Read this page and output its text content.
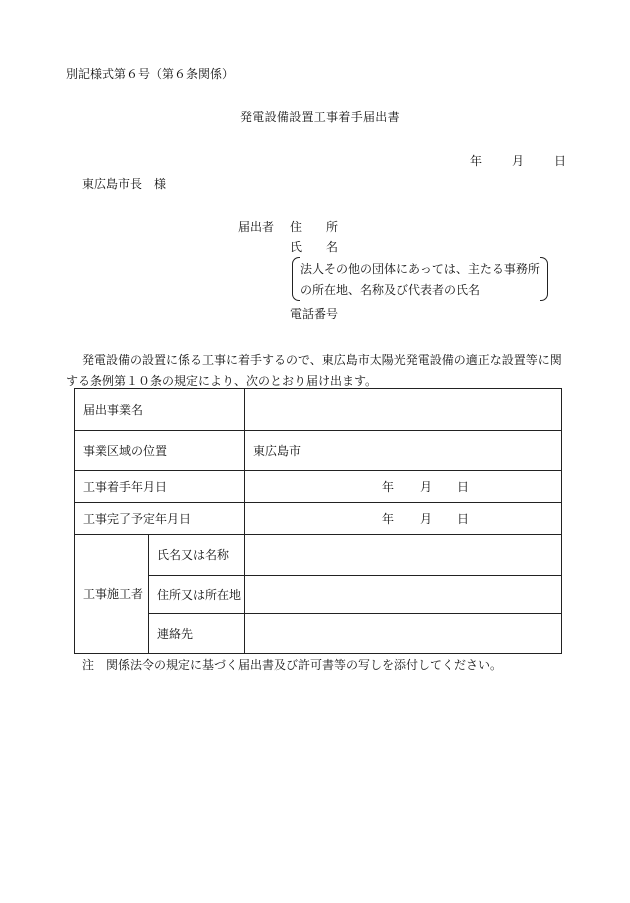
別記様式第６号（第６条関係）
発電設備設置工事着手届出書
年	月	日
東広島市長　様
届出者 住　　所
氏　　名
法人その他の団体にあっては、主たる事務所
の所在地、名称及び代表者の氏名
電話番号

発電設備の設置に係る工事に着手するので、東広島市太陽光発電設備の適正な設置等に関する条例第１０条の規定により、次のとおり届け出ます。

届出事業名		
事業区域の位置		東広島市
工事着手年月日		年 月 日

工事完了予定年月日		年 月 日

工事施工者	氏名又は名称	
	住所又は所在地	
	連絡先	
注　関係法令の規定に基づく届出書及び許可書等の写しを添付してください。
